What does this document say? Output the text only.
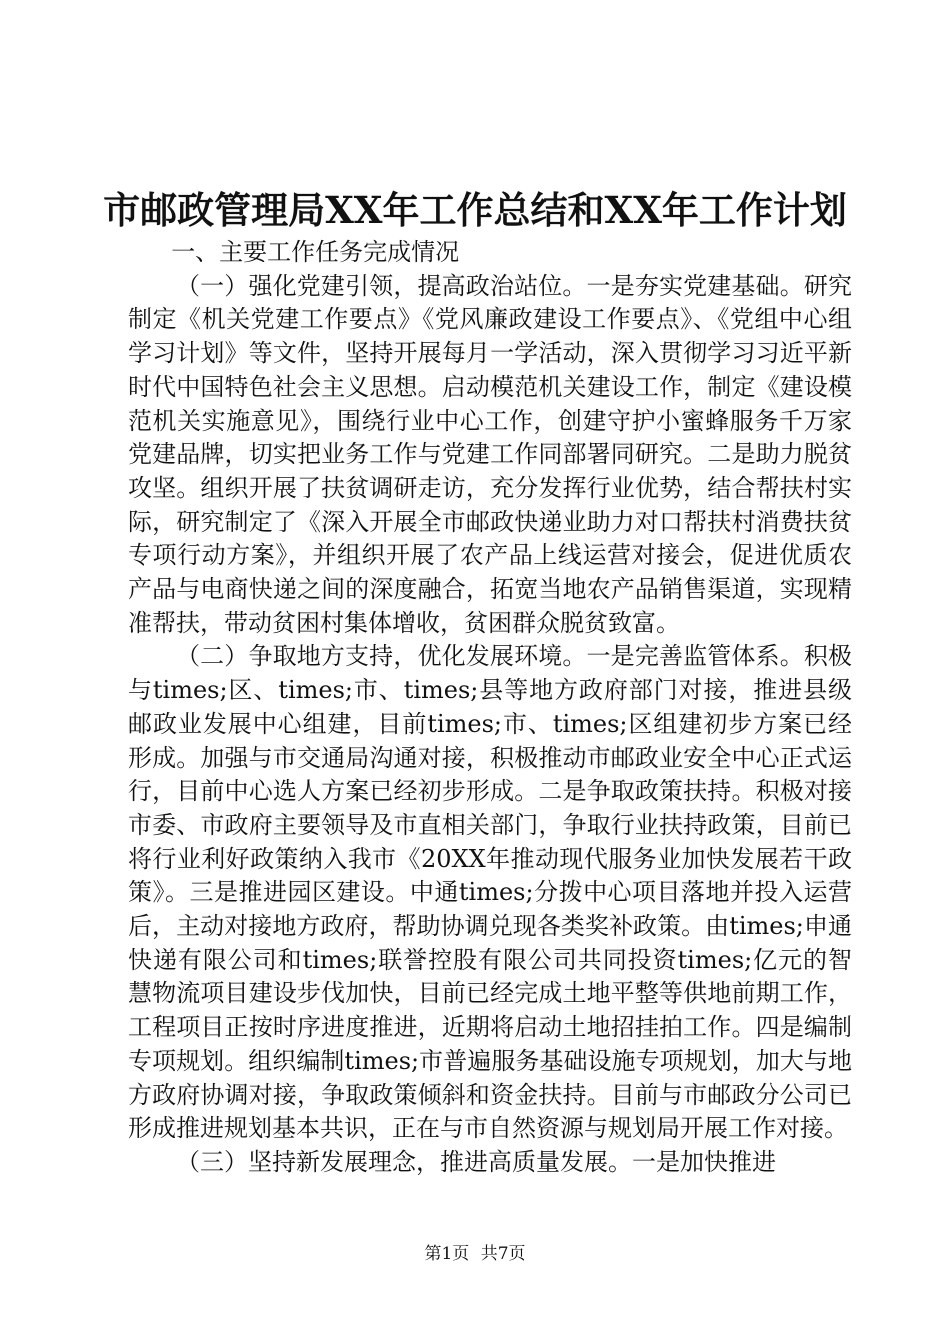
市邮政管理局XX年工作总结和XX年工作计划

一、主要工作任务完成情况

（一）强化党建引领，提高政治站位。一是夯实党建基础。研究制定《机关党建工作要点》《党风廉政建设工作要点》、《党组中心组学习计划》等文件，坚持开展每月一学活动，深入贯彻学习习近平新时代中国特色社会主义思想。启动模范机关建设工作，制定《建设模范机关实施意见》，围绕行业中心工作，创建守护小蜜蜂服务千万家党建品牌，切实把业务工作与党建工作同部署同研究。二是助力脱贫攻坚。组织开展了扶贫调研走访，充分发挥行业优势，结合帮扶村实际，研究制定了《深入开展全市邮政快递业助力对口帮扶村消费扶贫专项行动方案》，并组织开展了农产品上线运营对接会，促进优质农产品与电商快递之间的深度融合，拓宽当地农产品销售渠道，实现精准帮扶，带动贫困村集体增收，贫困群众脱贫致富。

（二）争取地方支持，优化发展环境。一是完善监管体系。积极与times;区、times;市、times;县等地方政府部门对接，推进县级邮政业发展中心组建，目前times;市、times;区组建初步方案已经形成。加强与市交通局沟通对接，积极推动市邮政业安全中心正式运行，目前中心选人方案已经初步形成。二是争取政策扶持。积极对接市委、市政府主要领导及市直相关部门，争取行业扶持政策，目前已将行业利好政策纳入我市《20XX年推动现代服务业加快发展若干政策》。三是推进园区建设。中通times;分拨中心项目落地并投入运营后，主动对接地方政府，帮助协调兑现各类奖补政策。由times;申通快递有限公司和times;联誉控股有限公司共同投资times;亿元的智慧物流项目建设步伐加快，目前已经完成土地平整等供地前期工作，工程项目正按时序进度推进，近期将启动土地招挂拍工作。四是编制专项规划。组织编制times;市普遍服务基础设施专项规划，加大与地方政府协调对接，争取政策倾斜和资金扶持。目前与市邮政分公司已形成推进规划基本共识，正在与市自然资源与规划局开展工作对接。

（三）坚持新发展理念，推进高质量发展。一是加快推进

第1页 共7页
